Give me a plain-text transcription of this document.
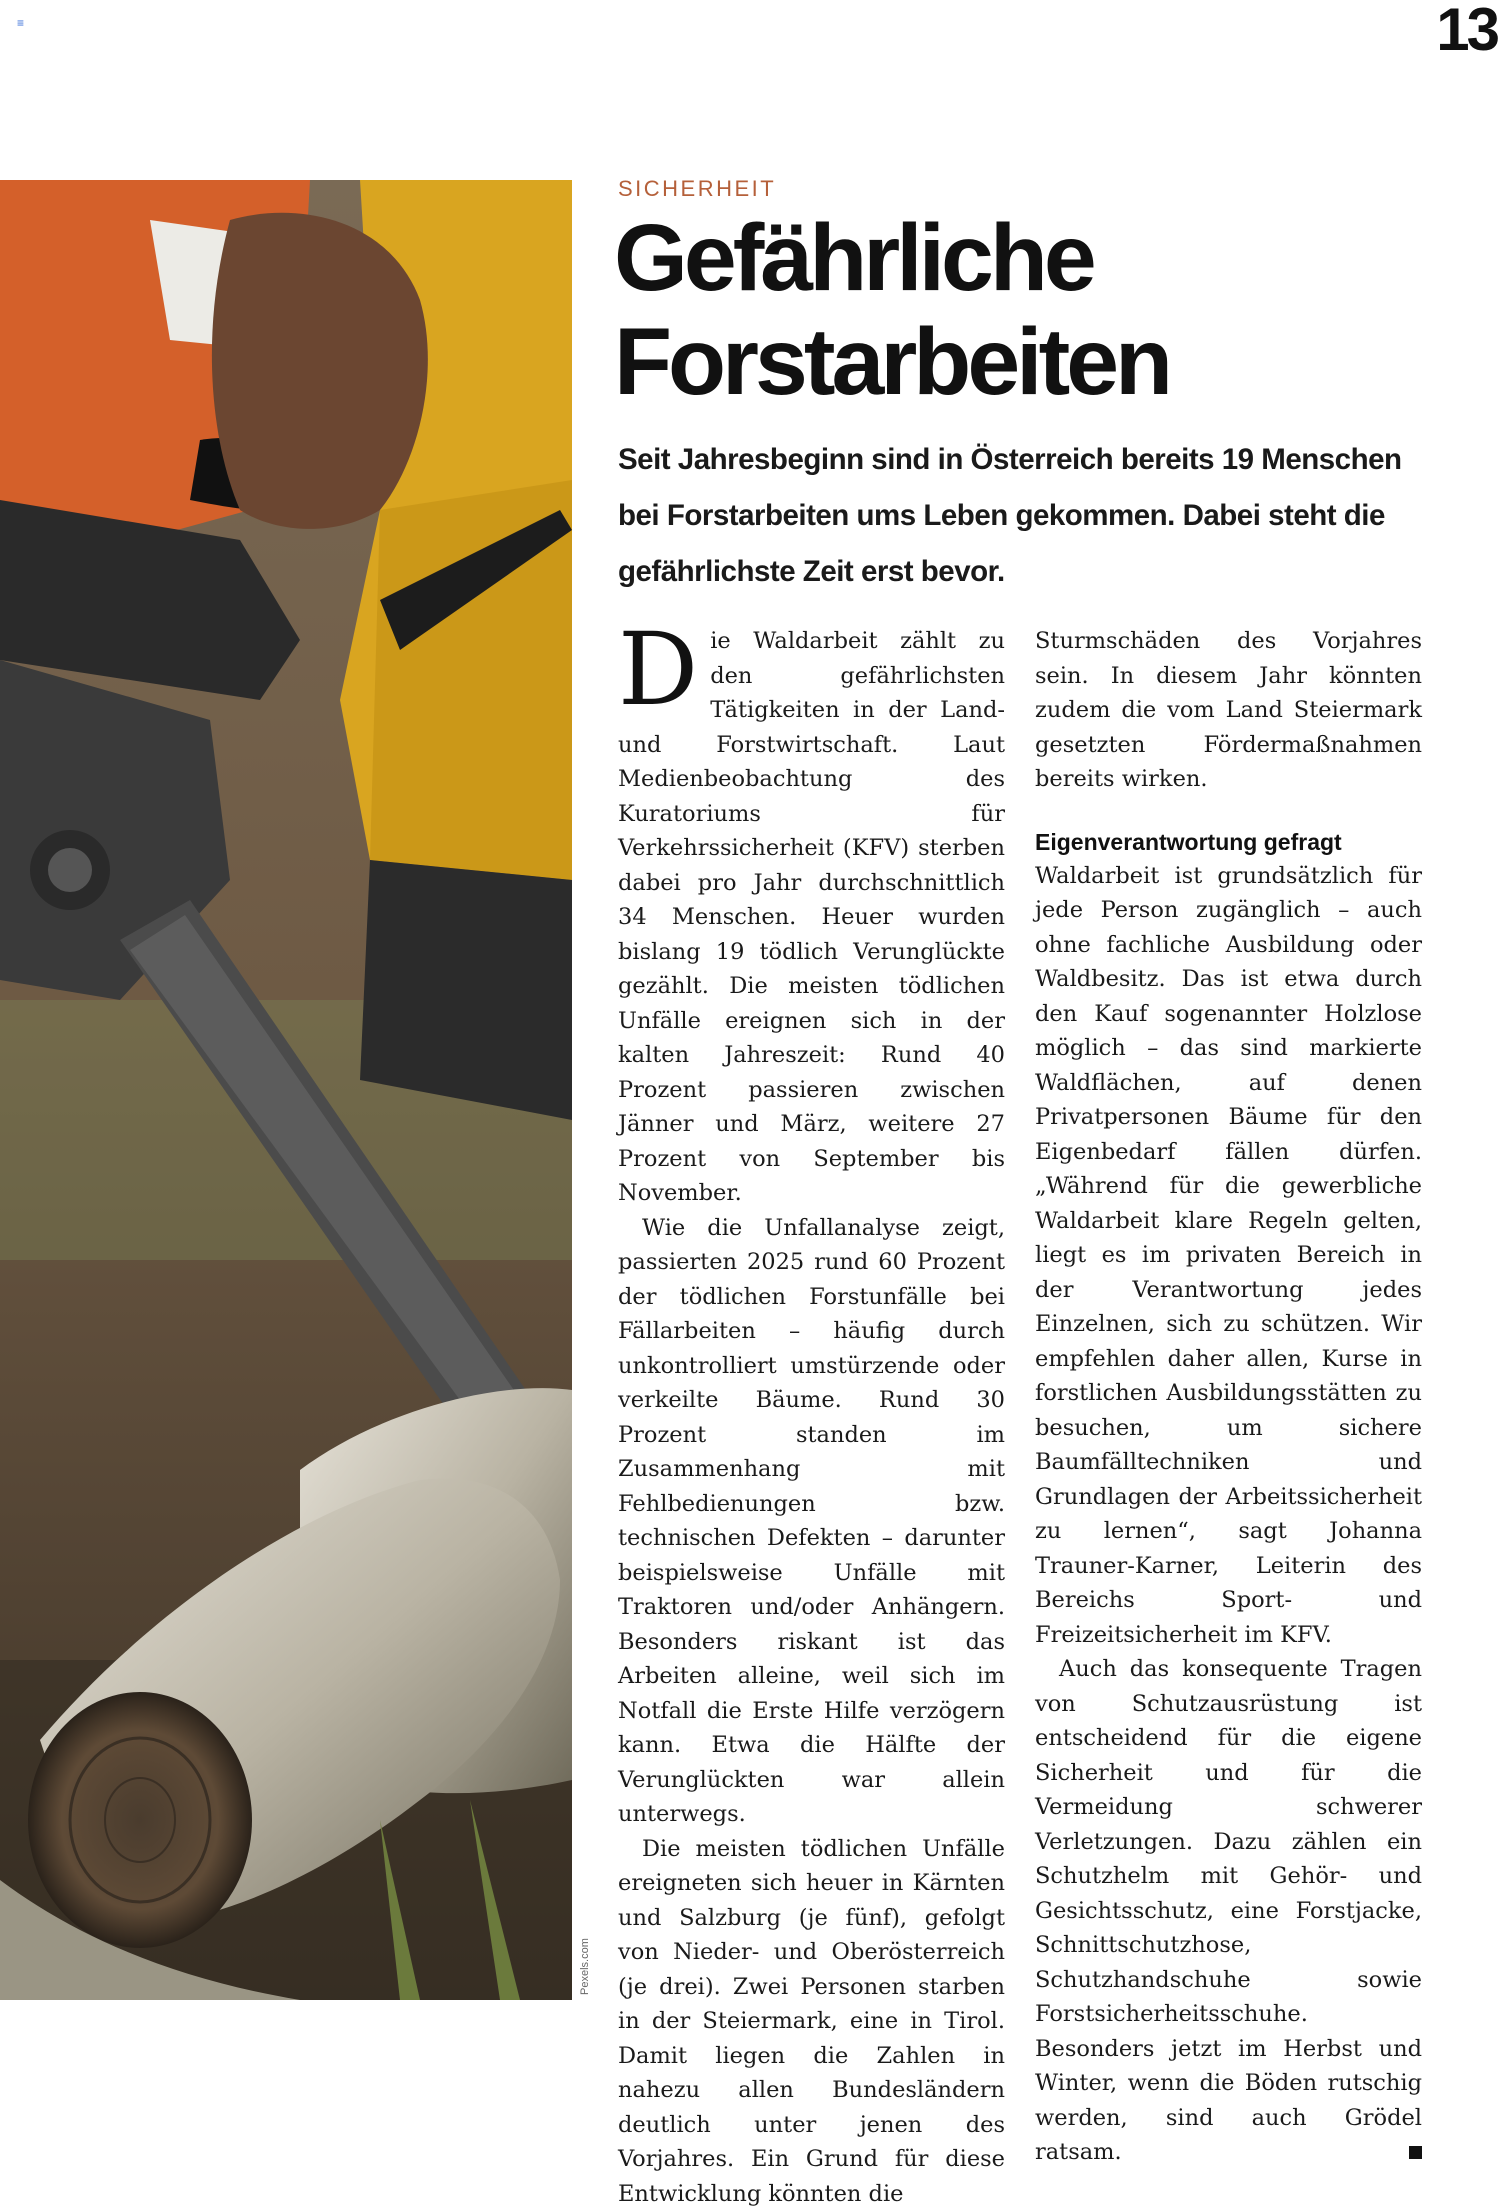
≡	13
Pexels.com
SICHERHEIT
Gefährliche
Forstarbeiten

Seit Jahresbeginn sind in Österreich bereits 19 Menschen bei Forstarbeiten ums Leben gekommen. Dabei steht die gefährlichste Zeit erst bevor.

Die Waldarbeit zählt zu den gefährlichsten Tätigkeiten in der Land- und Forstwirtschaft. Laut Medienbeobachtung des Kuratoriums für Verkehrssicherheit (KFV) sterben dabei pro Jahr durchschnittlich 34 Menschen. Heuer wurden bislang 19 tödlich Verunglückte gezählt. Die meisten tödlichen Unfälle ereignen sich in der kalten Jahreszeit: Rund 40 Prozent passieren zwischen Jänner und März, weitere 27 Prozent von September bis November.

Wie die Unfallanalyse zeigt, passierten 2025 rund 60 Prozent der tödlichen Forstunfälle bei Fällarbeiten – häufig durch unkontrolliert umstürzende oder verkeilte Bäume. Rund 30 Prozent standen im Zusammenhang mit Fehlbedienungen bzw. technischen Defekten – darunter beispielsweise Unfälle mit Traktoren und/oder Anhängern. Besonders riskant ist das Arbeiten alleine, weil sich im Notfall die Erste Hilfe verzögern kann. Etwa die Hälfte der Verunglückten war allein unterwegs.

Die meisten tödlichen Unfälle ereigneten sich heuer in Kärnten und Salzburg (je fünf), gefolgt von Nieder- und Oberösterreich (je drei). Zwei Personen starben in der Steiermark, eine in Tirol. Damit liegen die Zahlen in nahezu allen Bundesländern deutlich unter jenen des Vorjahres. Ein Grund für diese Entwicklung könnten die

Sturmschäden des Vorjahres sein. In diesem Jahr könnten zudem die vom Land Steiermark gesetzten Fördermaßnahmen bereits wirken.

Eigenverantwortung gefragt

Waldarbeit ist grundsätzlich für jede Person zugänglich – auch ohne fachliche Ausbildung oder Waldbesitz. Das ist etwa durch den Kauf sogenannter Holzlose möglich – das sind markierte Waldflächen, auf denen Privatpersonen Bäume für den Eigenbedarf fällen dürfen. „Während für die gewerbliche Waldarbeit klare Regeln gelten, liegt es im privaten Bereich in der Verantwortung jedes Einzelnen, sich zu schützen. Wir empfehlen daher allen, Kurse in forstlichen Ausbildungsstätten zu besuchen, um sichere Baumfälltechniken und Grundlagen der Arbeitssicherheit zu lernen“, sagt Johanna Trauner-Karner, Leiterin des Bereichs Sport- und Freizeitsicherheit im KFV.

Auch das konsequente Tragen von Schutzausrüstung ist entscheidend für die eigene Sicherheit und für die Vermeidung schwerer Verletzungen. Dazu zählen ein Schutzhelm mit Gehör- und Gesichtsschutz, eine Forstjacke, Schnittschutzhose, Schutzhandschuhe sowie Forstsicherheitsschuhe. Besonders jetzt im Herbst und Winter, wenn die Böden rutschig werden, sind auch Grödel ratsam.
